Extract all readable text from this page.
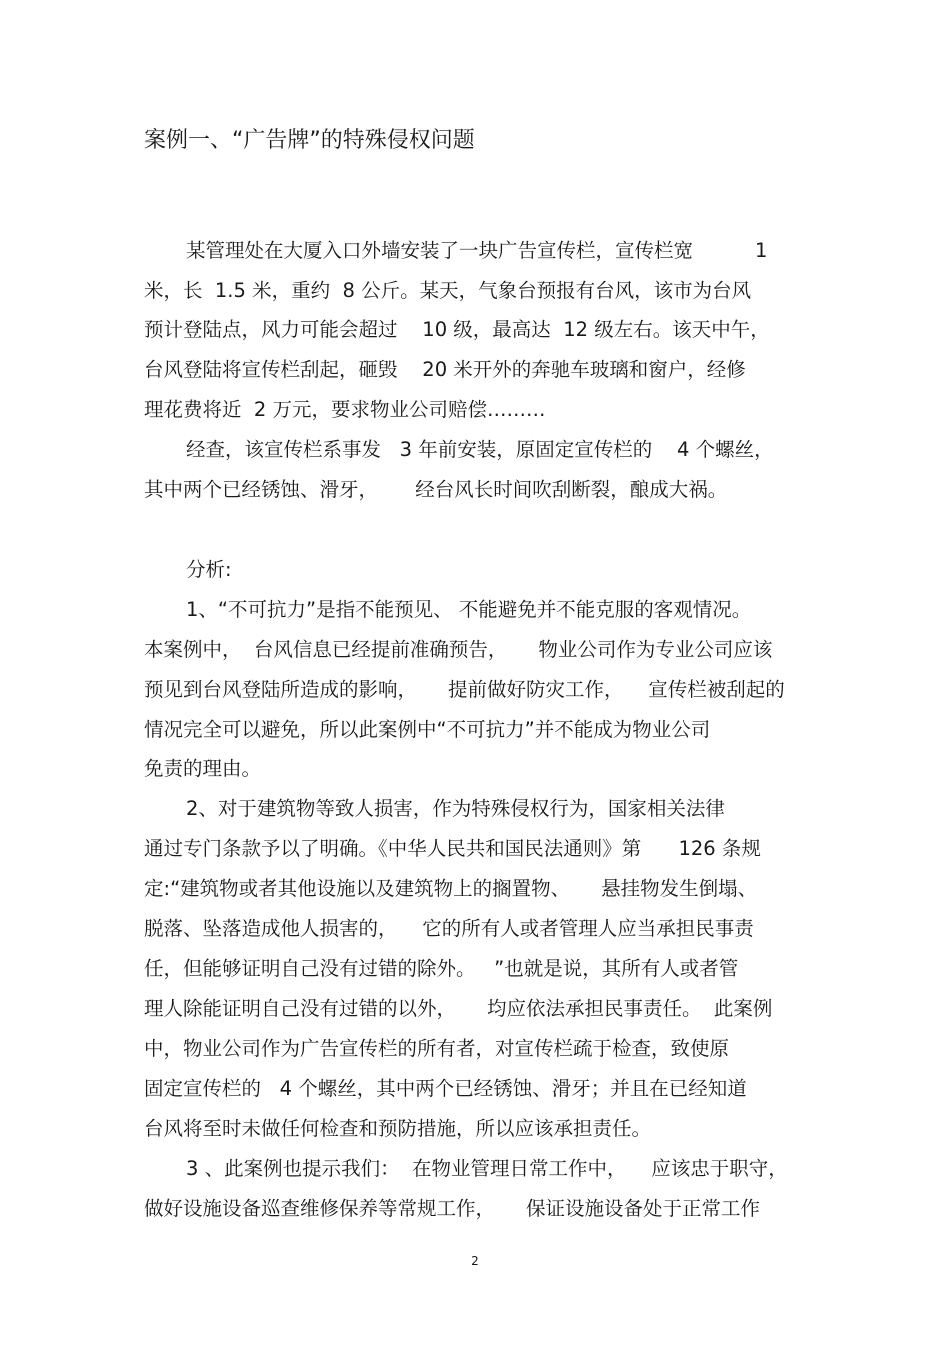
案例一、“广告牌”的特殊侵权问题
某管理处在大厦入口外墙安装了一块广告宣传栏，宣传栏宽          1
米，长  1.5 米，重约  8 公斤。某天，气象台预报有台风，该市为台风
预计登陆点，风力可能会超过    10 级，最高达  12 级左右。该天中午，
台风登陆将宣传栏刮起，砸毁    20 米开外的奔驰车玻璃和窗户，经修
理花费将近  2 万元，要求物业公司赔偿………
经查，该宣传栏系事发   3 年前安装，原固定宣传栏的    4 个螺丝，
其中两个已经锈蚀、滑牙，      经台风长时间吹刮断裂，酿成大祸。
分析:
1、“不可抗力”是指不能预见、 不能避免并不能克服的客观情况。
本案例中，  台风信息已经提前准确预告，     物业公司作为专业公司应该
预见到台风登陆所造成的影响，     提前做好防灾工作，    宣传栏被刮起的
情况完全可以避免，所以此案例中“不可抗力”并不能成为物业公司
免责的理由。
2、对于建筑物等致人损害，作为特殊侵权行为，国家相关法律
通过专门条款予以了明确。《中华人民共和国民法通则》第      126 条规
定:“建筑物或者其他设施以及建筑物上的搁置物、     悬挂物发生倒塌、
脱落、坠落造成他人损害的，    它的所有人或者管理人应当承担民事责
任，但能够证明自己没有过错的除外。   ”也就是说，其所有人或者管
理人除能证明自己没有过错的以外，     均应依法承担民事责任。  此案例
中，物业公司作为广告宣传栏的所有者，对宣传栏疏于检查，致使原
固定宣传栏的   4 个螺丝，其中两个已经锈蚀、滑牙；并且在已经知道
台风将至时未做任何检查和预防措施，所以应该承担责任。
3 、此案例也提示我们：  在物业管理日常工作中，    应该忠于职守，
做好设施设备巡查维修保养等常规工作，     保证设施设备处于正常工作
2
